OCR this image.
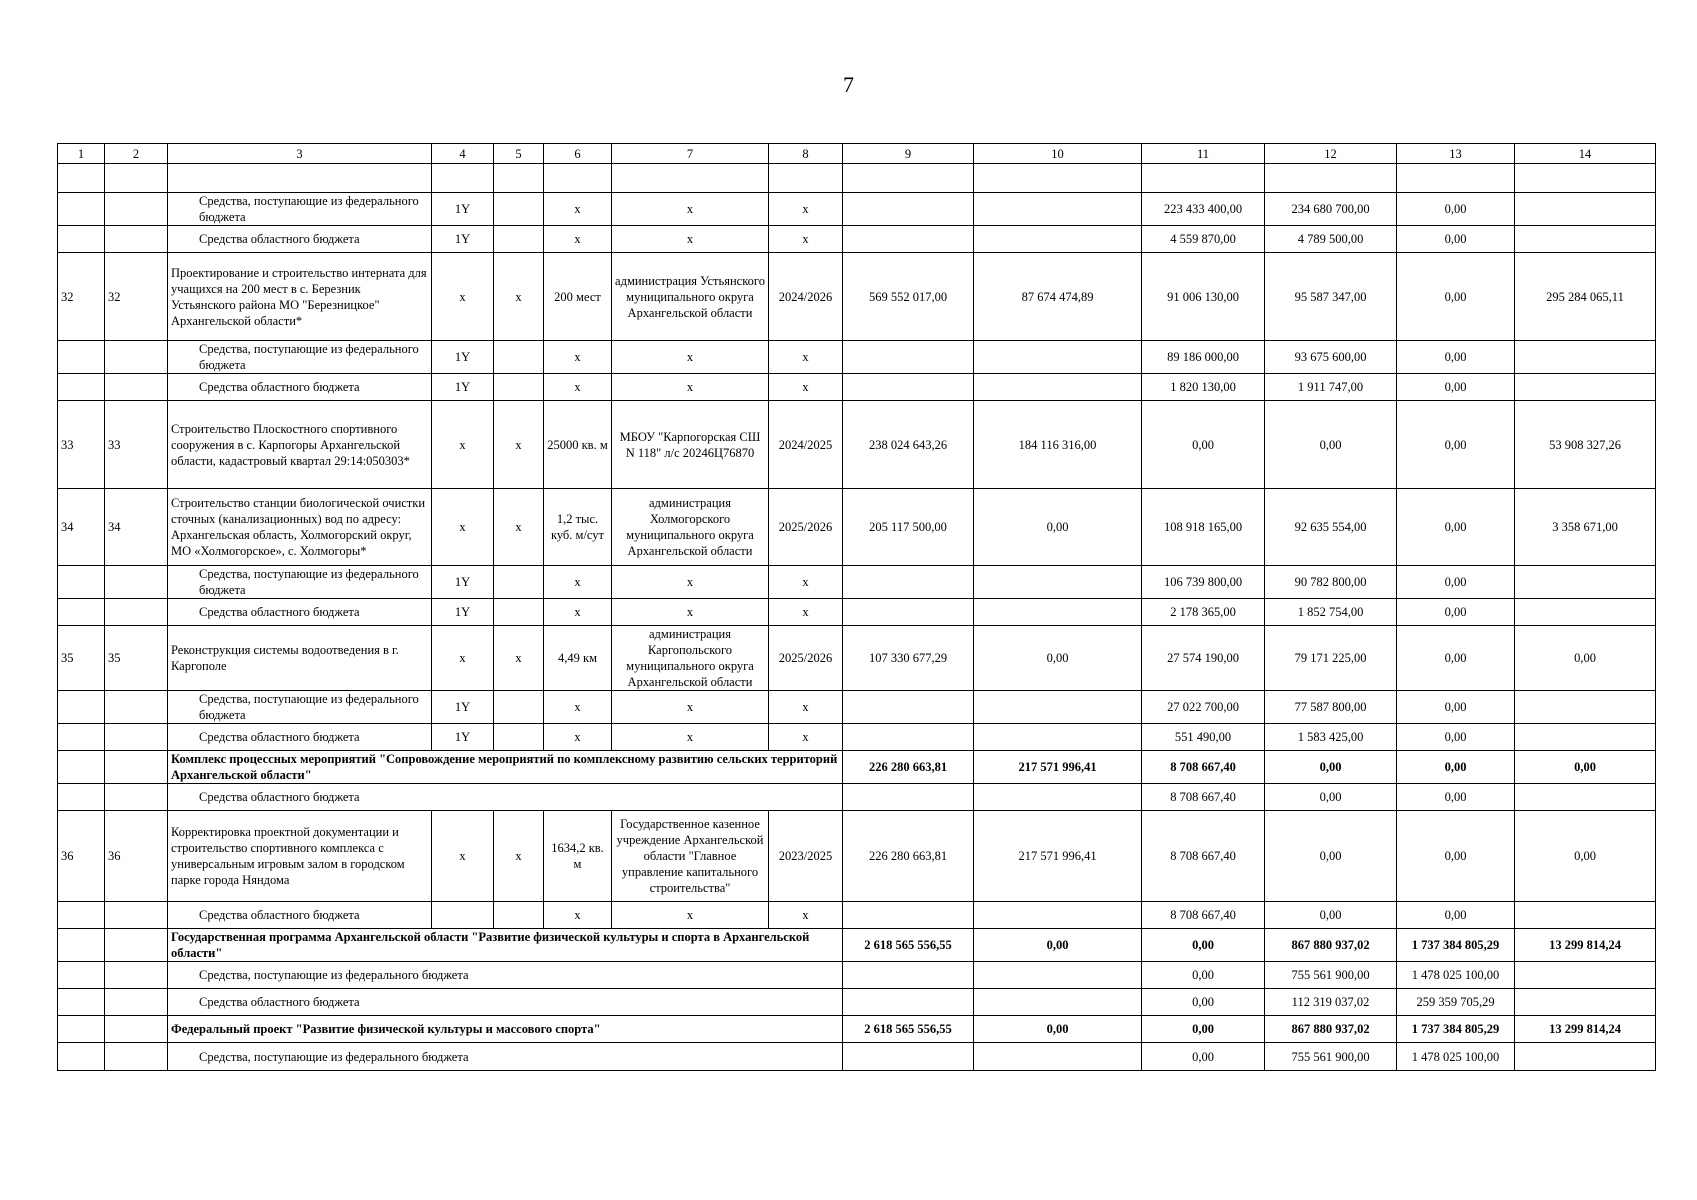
7
1	2	3	4	5	6	7	8	9	10	11	12	13	14

		Средства, поступающие из федерального бюджета	1Y		х	х	х			223 433 400,00	234 680 700,00	0,00	
		Средства областного бюджета	1Y		х	х	х			4 559 870,00	4 789 500,00	0,00	
32	32	Проектирование и строительство интерната для учащихся на 200 мест в с. Березник Устьянского района МО "Березницкое" Архангельской области*	х	х	200 мест	администрация Устьянского муниципального округа Архангельской области	2024/2026	569 552 017,00	87 674 474,89	91 006 130,00	95 587 347,00	0,00	295 284 065,11
		Средства, поступающие из федерального бюджета	1Y		х	х	х			89 186 000,00	93 675 600,00	0,00	
		Средства областного бюджета	1Y		х	х	х			1 820 130,00	1 911 747,00	0,00	
33	33	Строительство Плоскостного спортивного сооружения в с. Карпогоры Архангельской области, кадастровый квартал 29:14:050303*	х	х	25000 кв. м	МБОУ "Карпогорская СШ N 118" л/с 20246Ц76870	2024/2025	238 024 643,26	184 116 316,00	0,00	0,00	0,00	53 908 327,26
34	34	Строительство станции биологической очистки сточных (канализационных) вод по адресу: Архангельская область, Холмогорский округ, МО «Холмогорское», с. Холмогоры*	х	х	1,2 тыс. куб. м/сут	администрация Холмогорского муниципального округа Архангельской области	2025/2026	205 117 500,00	0,00	108 918 165,00	92 635 554,00	0,00	3 358 671,00
		Средства, поступающие из федерального бюджета	1Y		х	х	х			106 739 800,00	90 782 800,00	0,00	
		Средства областного бюджета	1Y		х	х	х			2 178 365,00	1 852 754,00	0,00	
35	35	Реконструкция системы водоотведения в г. Каргополе	х	х	4,49 км	администрация Каргопольского муниципального округа Архангельской области	2025/2026	107 330 677,29	0,00	27 574 190,00	79 171 225,00	0,00	0,00
		Средства, поступающие из федерального бюджета	1Y		х	х	х			27 022 700,00	77 587 800,00	0,00	
		Средства областного бюджета	1Y		х	х	х			551 490,00	1 583 425,00	0,00	
		Комплекс процессных мероприятий "Сопровождение мероприятий по комплексному развитию сельских территорий Архангельской области"						226 280 663,81	217 571 996,41	8 708 667,40	0,00	0,00	0,00
		Средства областного бюджета								8 708 667,40	0,00	0,00	
36	36	Корректировка проектной документации и строительство спортивного комплекса с универсальным игровым залом в городском парке города Няндома	х	х	1634,2 кв. м	Государственное казенное учреждение Архангельской области "Главное управление капитального строительства"	2023/2025	226 280 663,81	217 571 996,41	8 708 667,40	0,00	0,00	0,00
		Средства областного бюджета			х	х	х			8 708 667,40	0,00	0,00	
		Государственная программа Архангельской области "Развитие физической культуры и спорта в Архангельской области"						2 618 565 556,55	0,00	0,00	867 880 937,02	1 737 384 805,29	13 299 814,24
		Средства, поступающие из федерального бюджета								0,00	755 561 900,00	1 478 025 100,00	
		Средства областного бюджета								0,00	112 319 037,02	259 359 705,29	
		Федеральный проект "Развитие физической культуры и массового спорта"						2 618 565 556,55	0,00	0,00	867 880 937,02	1 737 384 805,29	13 299 814,24
		Средства, поступающие из федерального бюджета								0,00	755 561 900,00	1 478 025 100,00	
